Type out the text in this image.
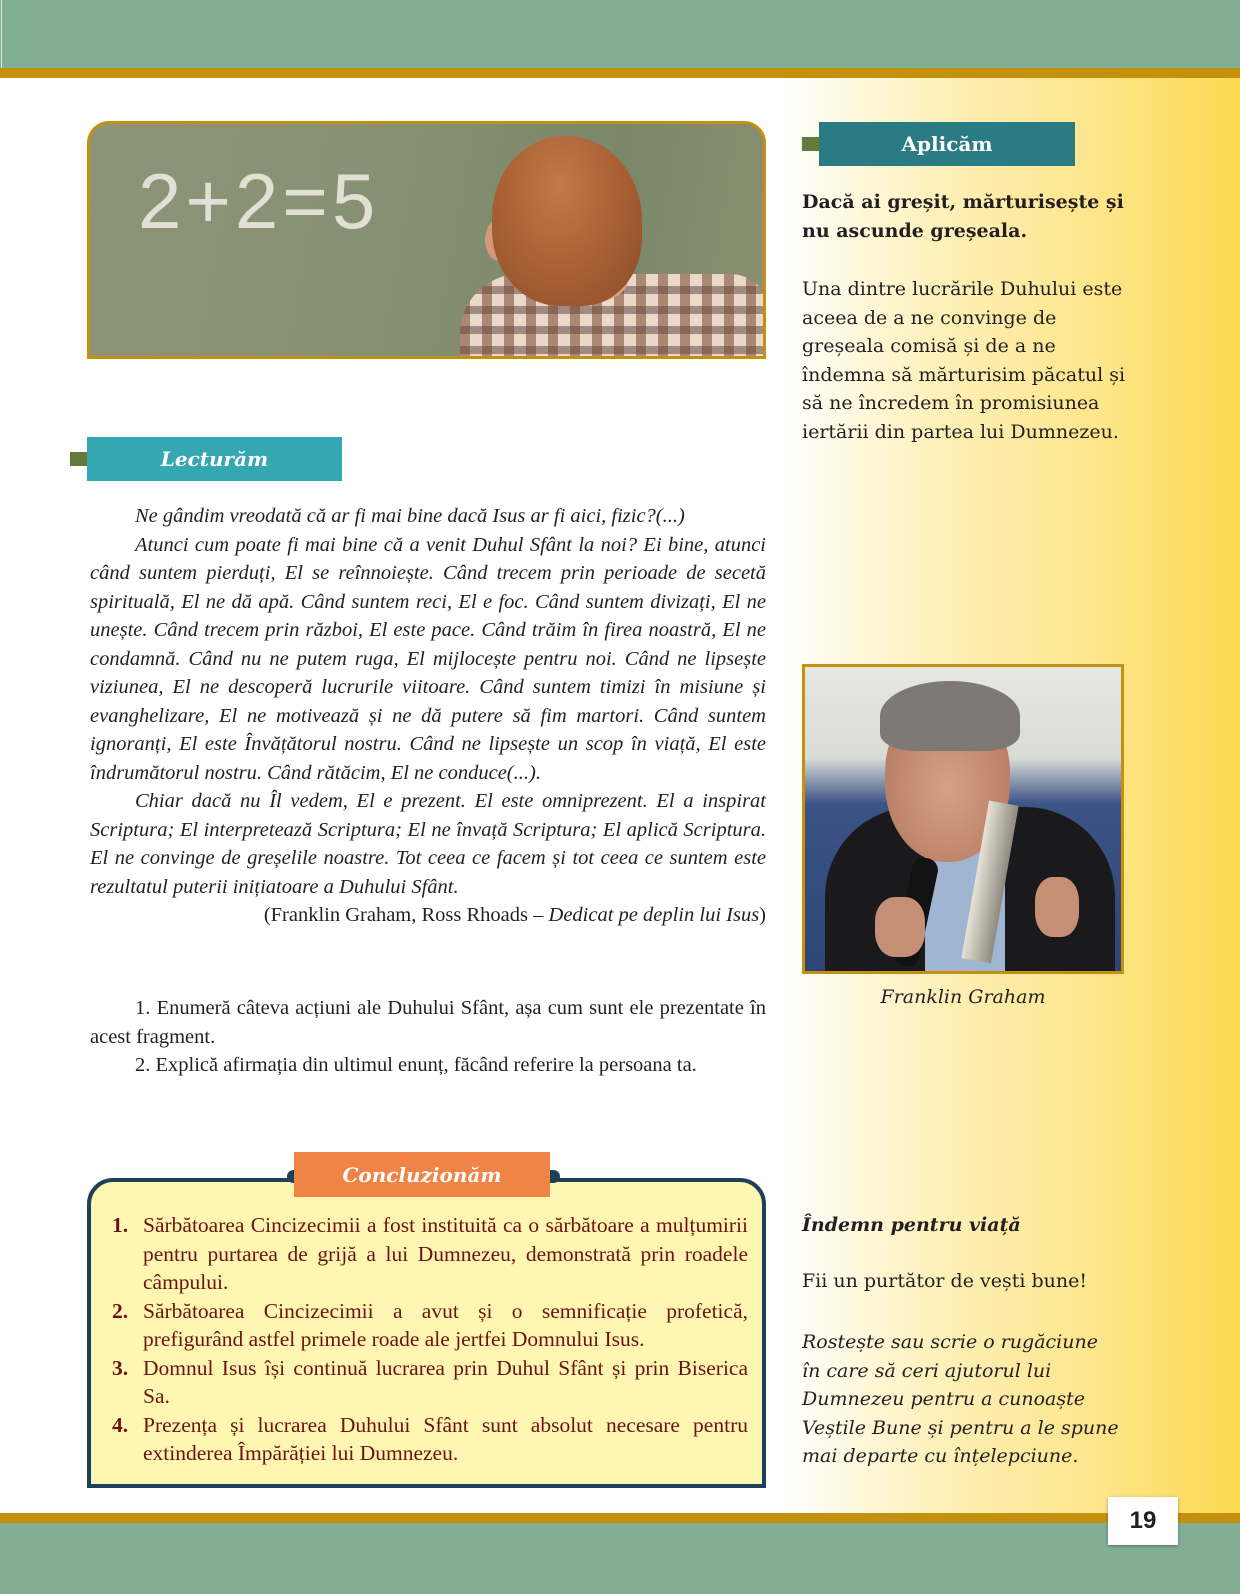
2+2=5
Aplicăm
Dacă ai greșit, mărturisește și nu ascunde greșeala.
Una dintre lucrările Duhului este aceea de a ne convinge de greșeala comisă și de a ne îndemna să mărturisim păcatul și să ne încredem în promisiunea iertării din partea lui Dumnezeu.
Lecturăm

Ne gândim vreodată că ar fi mai bine dacă Isus ar fi aici, fizic?(...)

Atunci cum poate fi mai bine că a venit Duhul Sfânt la noi? Ei bine, atunci când suntem pierduți, El se reînnoiește. Când trecem prin perioade de secetă spirituală, El ne dă apă. Când suntem reci, El e foc. Când suntem divizați, El ne unește. Când trecem prin război, El este pace. Când trăim în firea noastră, El ne condamnă. Când nu ne putem ruga, El mijlocește pentru noi. Când ne lipsește viziunea, El ne descoperă lucrurile viitoare. Când suntem timizi în misiune și evanghelizare, El ne motivează și ne dă putere să fim martori. Când suntem ignoranți, El este Învățătorul nostru. Când ne lipsește un scop în viață, El este îndrumătorul nostru. Când rătăcim, El ne conduce(...).

Chiar dacă nu Îl vedem, El e prezent. El este omniprezent. El a inspirat Scriptura; El interpretează Scriptura; El ne învață Scriptura; El aplică Scriptura. El ne convinge de greșelile noastre. Tot ceea ce facem și tot ceea ce suntem este rezultatul puterii inițiatoare a Duhului Sfânt.

(Franklin Graham, Ross Rhoads – Dedicat pe deplin lui Isus)

1. Enumeră câteva acțiuni ale Duhului Sfânt, așa cum sunt ele prezentate în acest fragment.

2. Explică afirmația din ultimul enunț, făcând referire la persoana ta.

Franklin Graham
Concluzionăm
1. Sărbătoarea Cincizecimii a fost instituită ca o sărbătoare a mulțumirii pentru purtarea de grijă a lui Dumnezeu, demonstrată prin roadele câmpului.
2. Sărbătoarea Cincizecimii a avut și o semnificație profetică, prefigurând astfel primele roade ale jertfei Domnului Isus.
3. Domnul Isus își continuă lucrarea prin Duhul Sfânt și prin Biserica Sa.
4. Prezența și lucrarea Duhului Sfânt sunt absolut necesare pentru extinderea Împărăției lui Dumnezeu.
Îndemn pentru viață
Fii un purtător de vești bune!
Rostește sau scrie o rugăciune în care să ceri ajutorul lui Dumnezeu pentru a cunoaște Veștile Bune și pentru a le spune mai departe cu înțelepciune.
19
